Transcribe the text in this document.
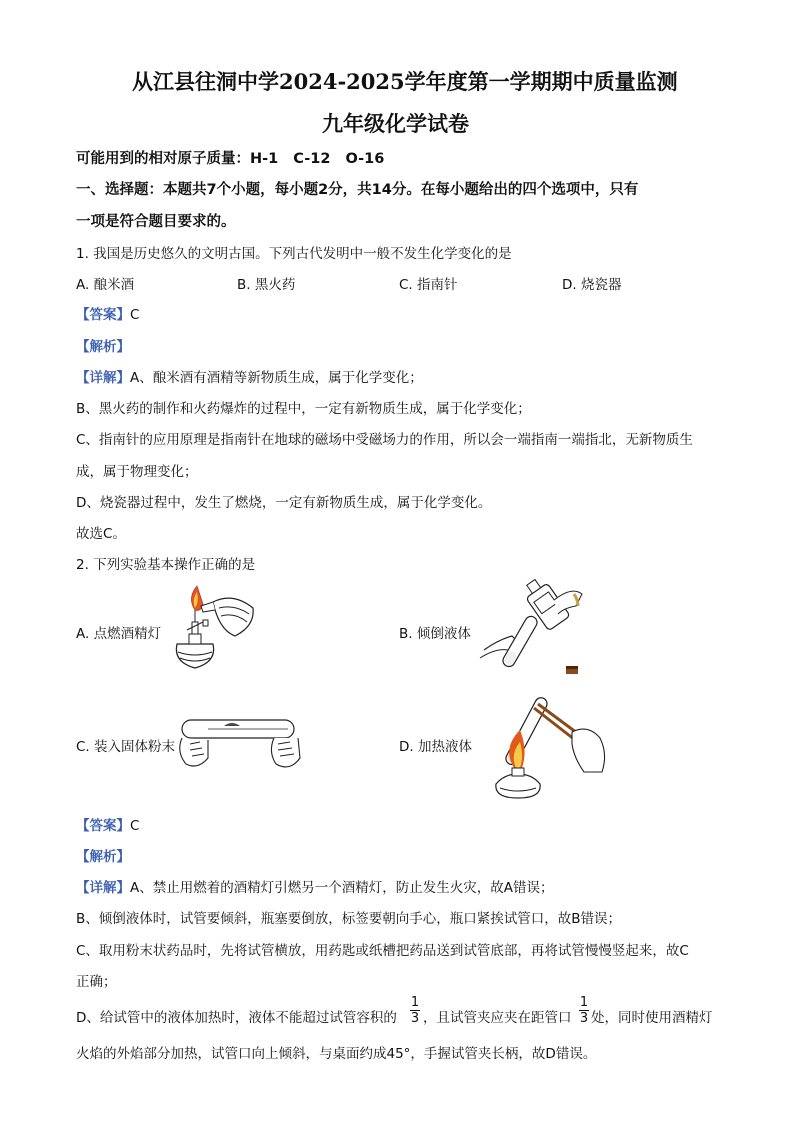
从江县往洞中学2024-2025学年度第一学期期中质量监测
九年级化学试卷
可能用到的相对原子质量：H-1 C-12 O-16
一、选择题：本题共7个小题，每小题2分，共14分。在每小题给出的四个选项中，只有
一项是符合题目要求的。
1. 我国是历史悠久的文明古国。下列古代发明中一般不发生化学变化的是
A. 酿米酒	B. 黑火药	C. 指南针	D. 烧瓷器
【答案】C
【解析】
【详解】A、酿米酒有酒精等新物质生成，属于化学变化；
B、黑火药的制作和火药爆炸的过程中，一定有新物质生成，属于化学变化；
C、指南针的应用原理是指南针在地球的磁场中受磁场力的作用，所以会一端指南一端指北，无新物质生
成，属于物理变化；
D、烧瓷器过程中，发生了燃烧，一定有新物质生成，属于化学变化。
故选C。
2. 下列实验基本操作正确的是
A. 点燃酒精灯	B. 倾倒液体
C. 装入固体粉末	D. 加热液体
【答案】C
【解析】
【详解】A、禁止用燃着的酒精灯引燃另一个酒精灯，防止发生火灾，故A错误；
B、倾倒液体时，试管要倾斜，瓶塞要倒放，标签要朝向手心，瓶口紧挨试管口，故B错误；
C、取用粉末状药品时，先将试管横放，用药匙或纸槽把药品送到试管底部，再将试管慢慢竖起来，故C
正确；
D、给试管中的液体加热时，液体不能超过试管容积的
1
3 ，且试管夹应夹在距管口
1
3 处，同时使用酒精灯
火焰的外焰部分加热，试管口向上倾斜，与桌面约成45°，手握试管夹长柄，故D错误。
